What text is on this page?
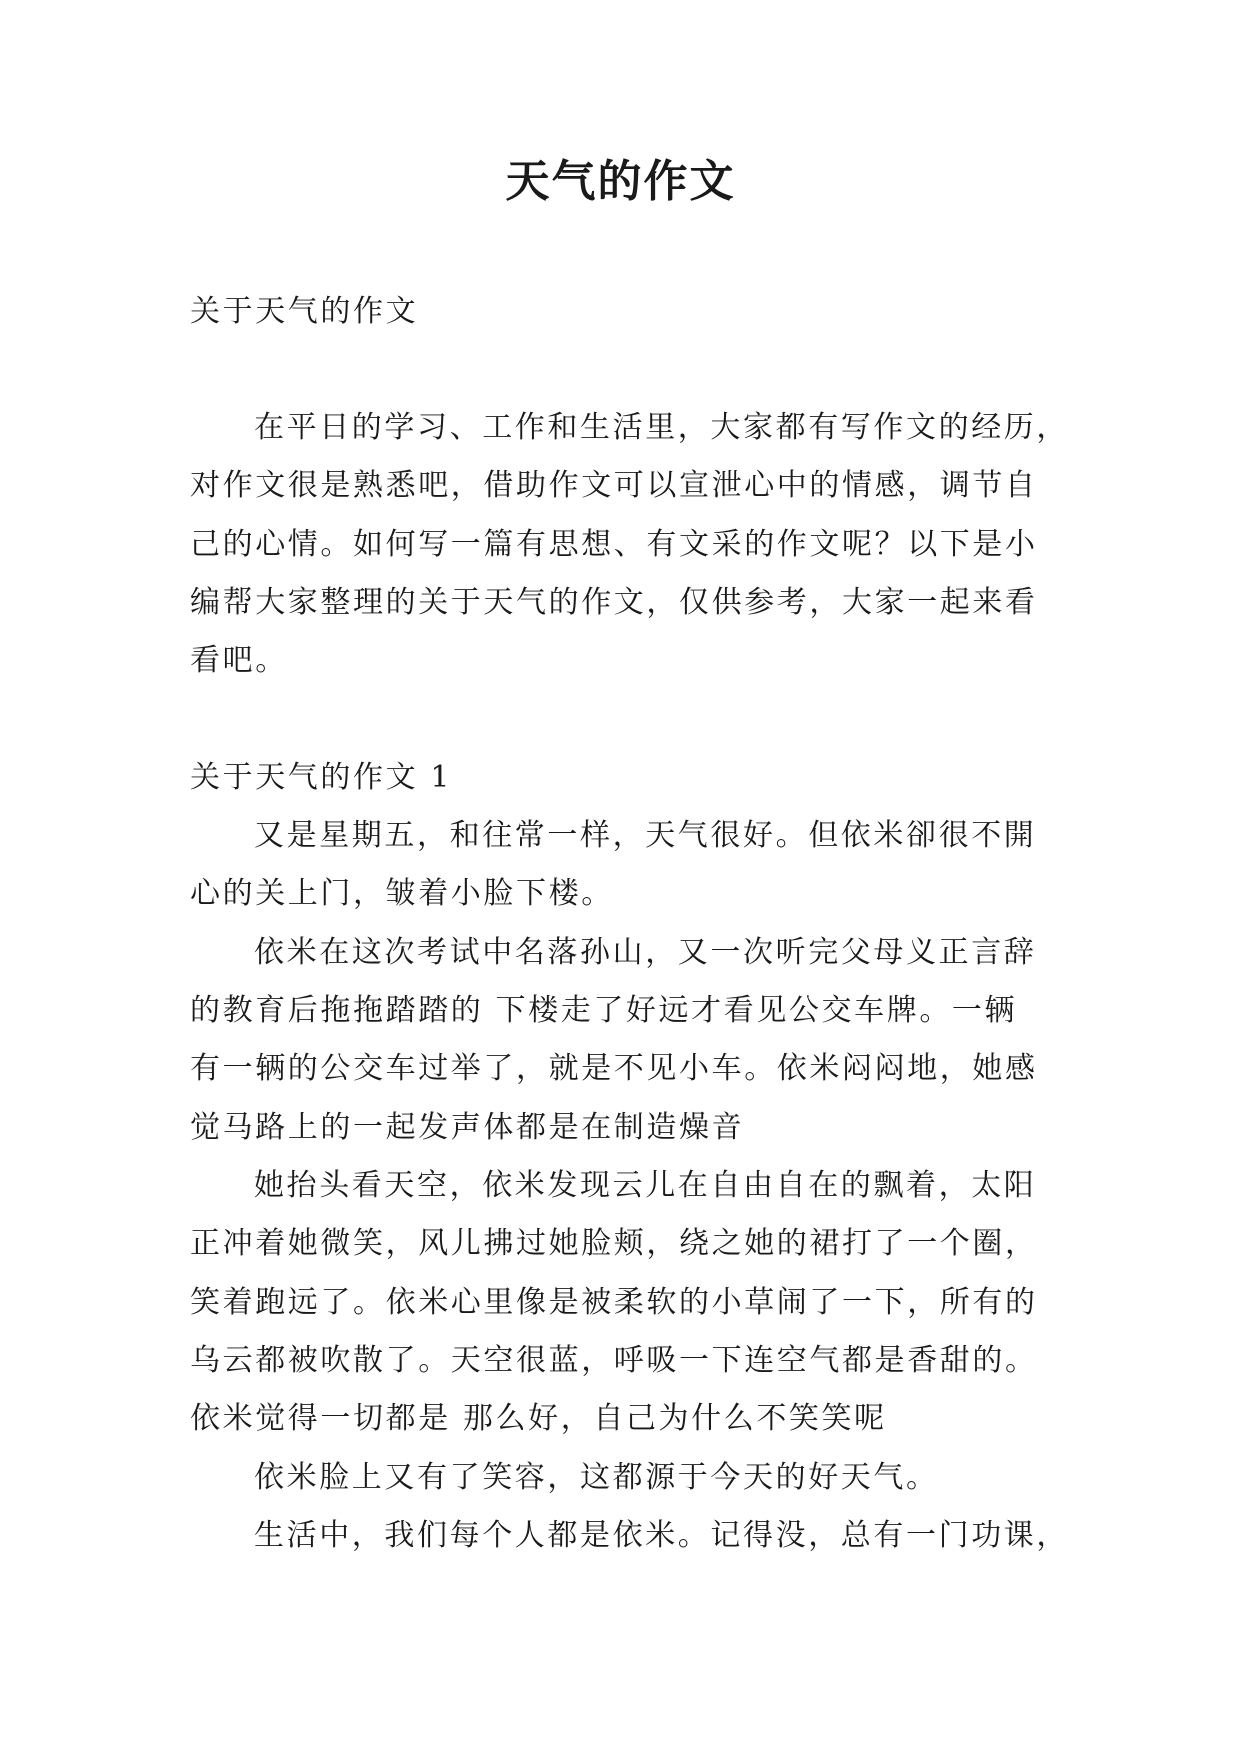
天气的作文
关于天气的作文
在平日的学习、工作和生活里，大家都有写作文的经历，
对作文很是熟悉吧，借助作文可以宣泄心中的情感，调节自
己的心情。如何写一篇有思想、有文采的作文呢？以下是小
编帮大家整理的关于天气的作文，仅供参考，大家一起来看
看吧。
关于天气的作文 1
又是星期五，和往常一样，天气很好。但依米卻很不開
心的关上门，皱着小脸下楼。
依米在这次考试中名落孙山，又一次听完父母义正言辞
的教育后拖拖踏踏的 下楼走了好远才看见公交车牌。一辆
有一辆的公交车过举了，就是不见小车。依米闷闷地，她感
觉马路上的一起发声体都是在制造燥音
她抬头看天空，依米发现云儿在自由自在的飘着，太阳
正冲着她微笑，风儿拂过她脸颊，绕之她的裙打了一个圈，
笑着跑远了。依米心里像是被柔软的小草闹了一下，所有的
乌云都被吹散了。天空很蓝，呼吸一下连空气都是香甜的。
依米觉得一切都是 那么好，自己为什么不笑笑呢
依米脸上又有了笑容，这都源于今天的好天气。
生活中，我们每个人都是依米。记得没，总有一门功课，
